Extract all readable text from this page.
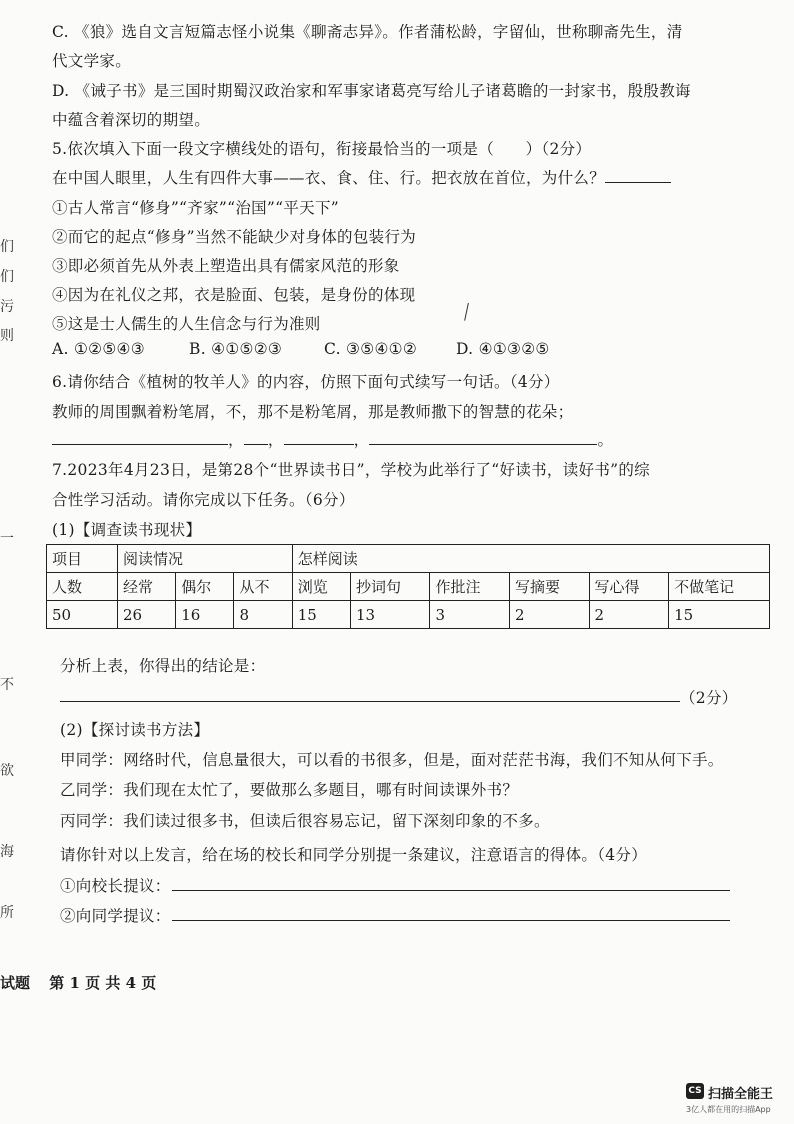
们
们
污
则
一
不
欲
海
所
C. 《狼》选自文言短篇志怪小说集《聊斋志异》。作者蒲松龄，字留仙，世称聊斋先生，清
代文学家。
D. 《诫子书》是三国时期蜀汉政治家和军事家诸葛亮写给儿子诸葛瞻的一封家书，殷殷教诲
中蕴含着深切的期望。
5.依次填入下面一段文字横线处的语句，衔接最恰当的一项是（　　）（2分）
在中国人眼里，人生有四件大事——衣、食、住、行。把衣放在首位，为什么？
①古人常言“修身”“齐家”“治国”“平天下”
②而它的起点“修身”当然不能缺少对身体的包装行为
③即必须首先从外表上塑造出具有儒家风范的形象
④因为在礼仪之邦，衣是脸面、包装，是身份的体现
⑤这是士人儒生的人生信念与行为准则
A. ①②⑤④③	B. ④①⑤②③	C. ③⑤④①②	D. ④①③②⑤
6.请你结合《植树的牧羊人》的内容，仿照下面句式续写一句话。（4分）
教师的周围飘着粉笔屑，不，那不是粉笔屑，那是教师撒下的智慧的花朵；
， ，	，	。
7.2023年4月23日，是第28个“世界读书日”，学校为此举行了“好读书，读好书”的综
合性学习活动。请你完成以下任务。（6分）
(1)【调查读书现状】
项目	阅读情况			怎样阅读					
人数	经常	偶尔	从不	浏览	抄词句	作批注	写摘要	写心得	不做笔记
50	26	16	8	15	13	3	2	2	15
分析上表，你得出的结论是：
（2分）
(2)【探讨读书方法】
甲同学：网络时代，信息量很大，可以看的书很多，但是，面对茫茫书海，我们不知从何下手。
乙同学：我们现在太忙了，要做那么多题目，哪有时间读课外书？
丙同学：我们读过很多书，但读后很容易忘记，留下深刻印象的不多。
请你针对以上发言，给在场的校长和同学分别提一条建议，注意语言的得体。（4分）
①向校长提议：
②向同学提议：
试题 第 1 页 共 4 页
CS 扫描全能王
3亿人都在用的扫描App
